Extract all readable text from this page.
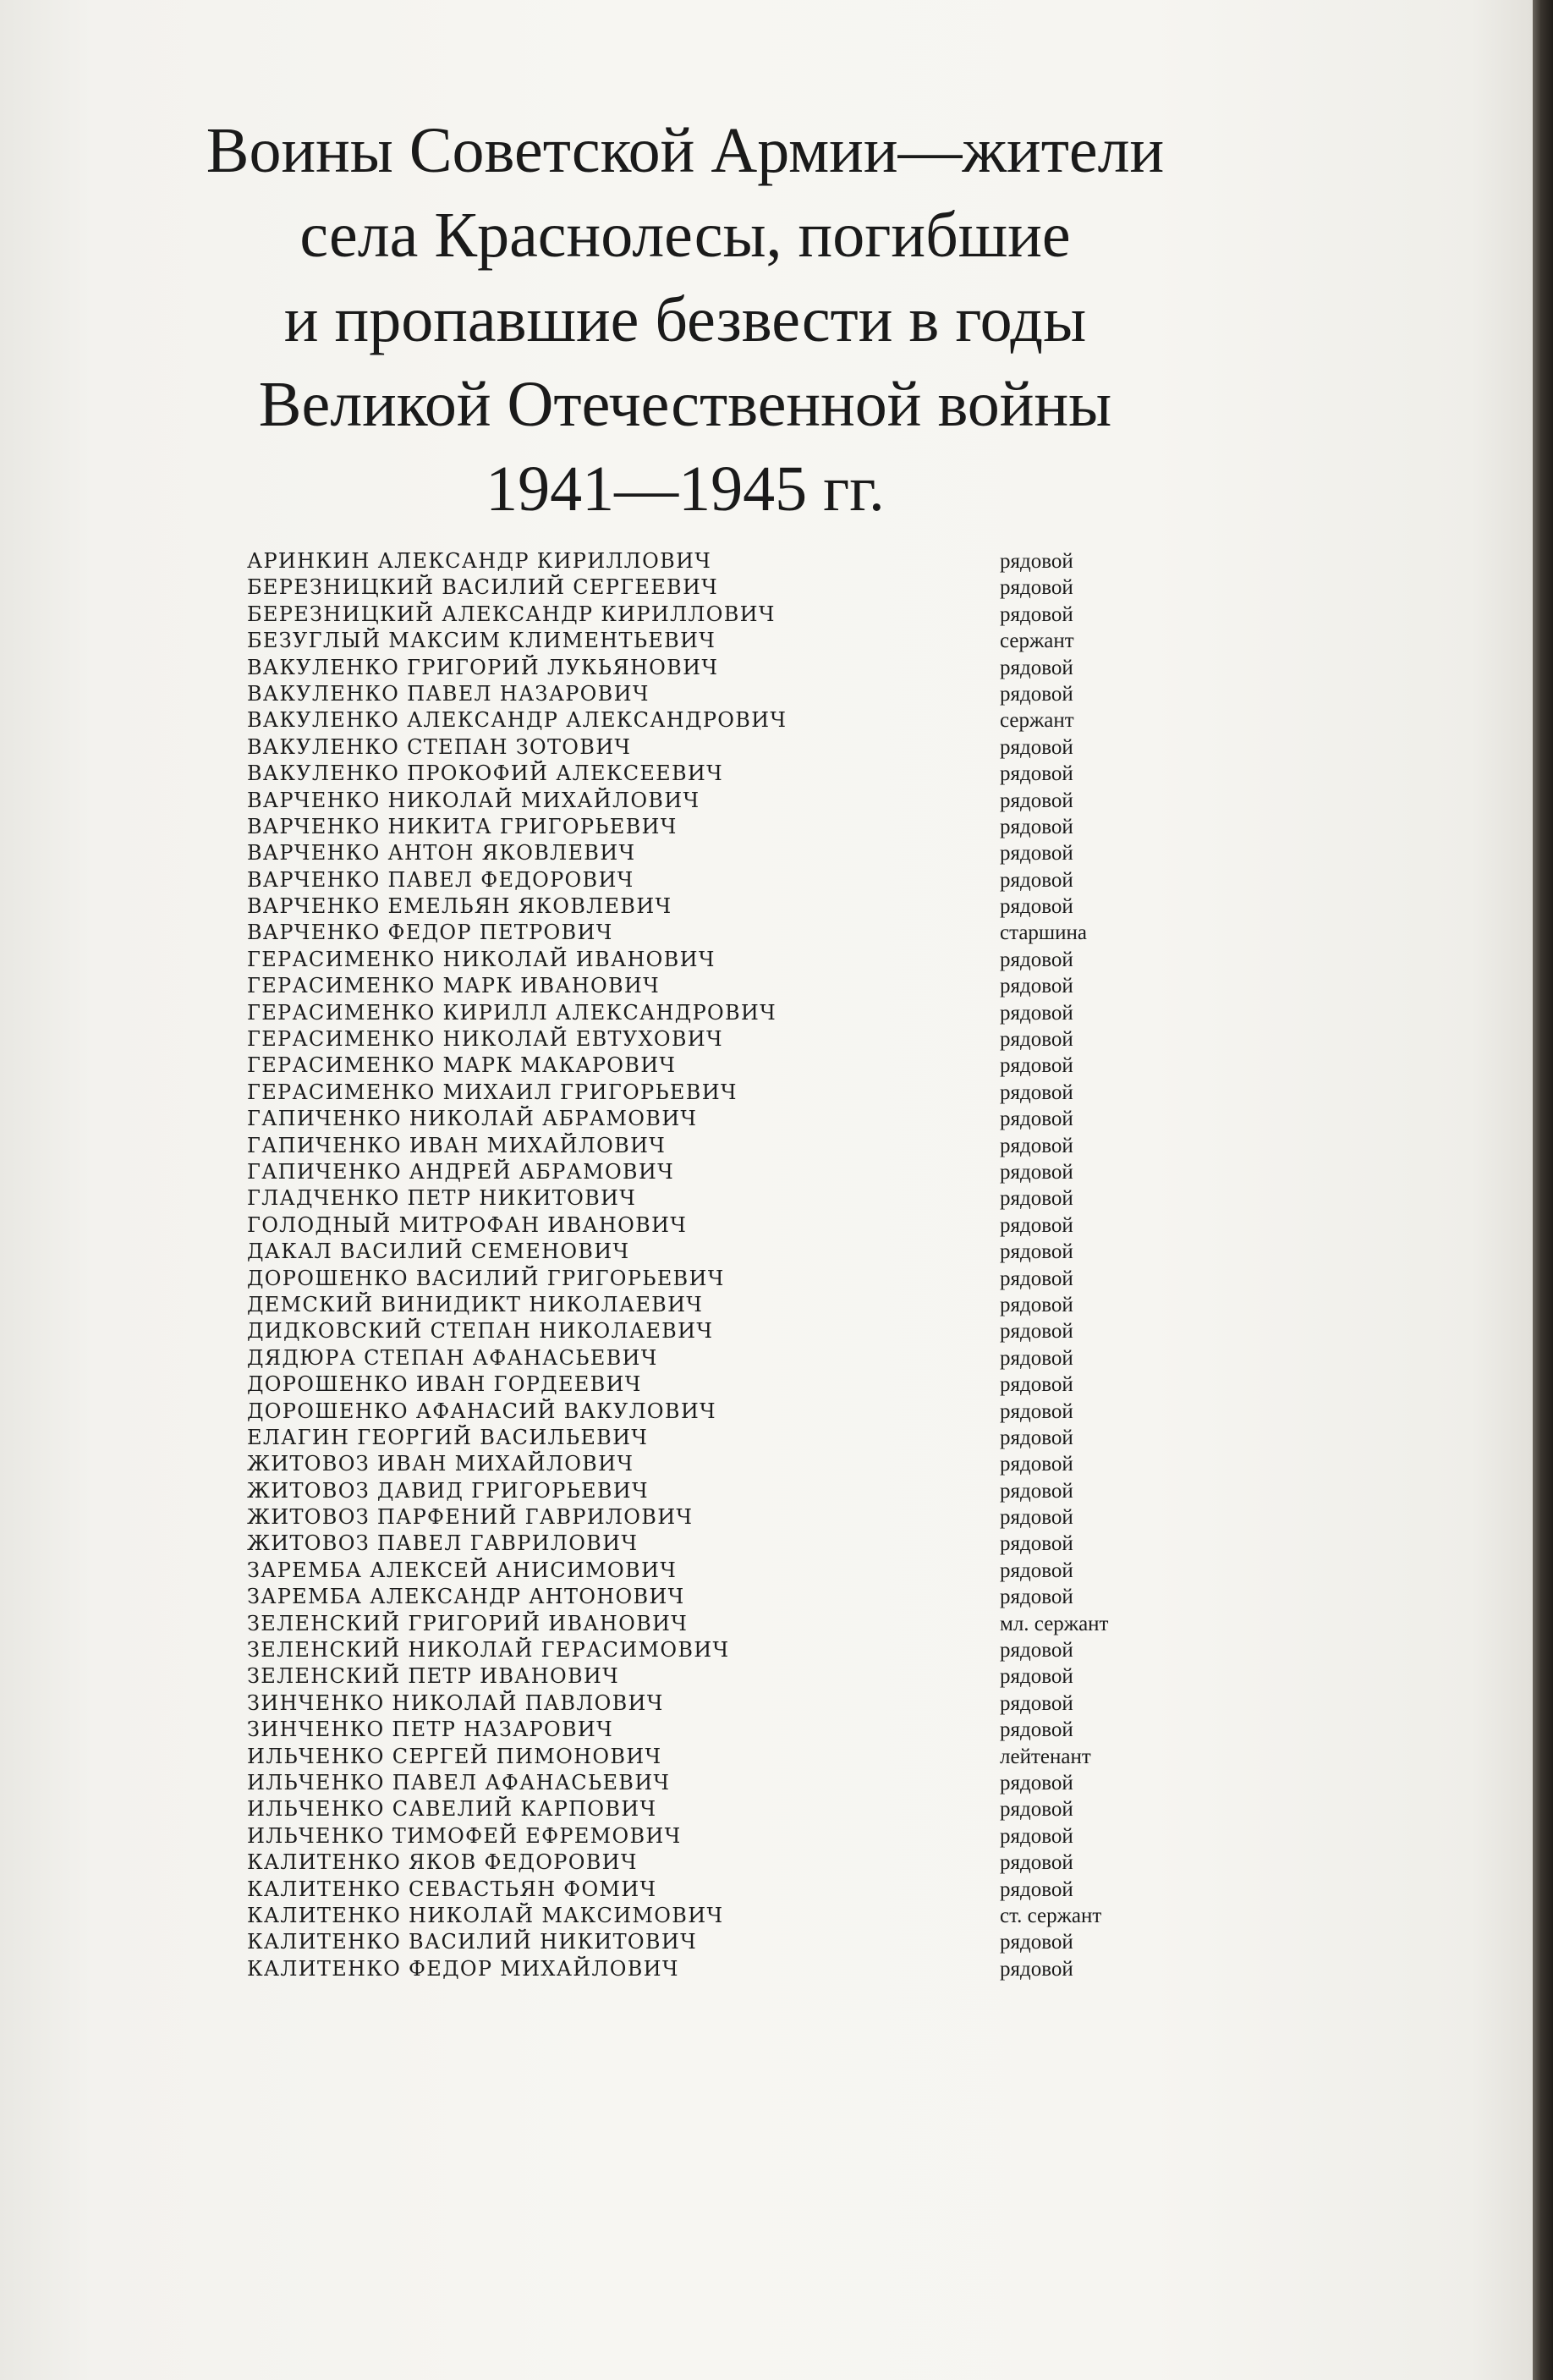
Воины Советской Армии—жители
села Краснолесы, погибшие
и пропавшие безвести в годы
Великой Отечественной войны
1941—1945 гг.
АРИНКИН АЛЕКСАНДР КИРИЛЛОВИЧ	рядовой
БЕРЕЗНИЦКИЙ ВАСИЛИЙ СЕРГЕЕВИЧ	рядовой
БЕРЕЗНИЦКИЙ АЛЕКСАНДР КИРИЛЛОВИЧ	рядовой
БЕЗУГЛЫЙ МАКСИМ КЛИМЕНТЬЕВИЧ	сержант
ВАКУЛЕНКО ГРИГОРИЙ ЛУКЬЯНОВИЧ	рядовой
ВАКУЛЕНКО ПАВЕЛ НАЗАРОВИЧ	рядовой
ВАКУЛЕНКО АЛЕКСАНДР АЛЕКСАНДРОВИЧ	сержант
ВАКУЛЕНКО СТЕПАН ЗОТОВИЧ	рядовой
ВАКУЛЕНКО ПРОКОФИЙ АЛЕКСЕЕВИЧ	рядовой
ВАРЧЕНКО НИКОЛАЙ МИХАЙЛОВИЧ	рядовой
ВАРЧЕНКО НИКИТА ГРИГОРЬЕВИЧ	рядовой
ВАРЧЕНКО АНТОН ЯКОВЛЕВИЧ	рядовой
ВАРЧЕНКО ПАВЕЛ ФЕДОРОВИЧ	рядовой
ВАРЧЕНКО ЕМЕЛЬЯН ЯКОВЛЕВИЧ	рядовой
ВАРЧЕНКО ФЕДОР ПЕТРОВИЧ	старшина
ГЕРАСИМЕНКО НИКОЛАЙ ИВАНОВИЧ	рядовой
ГЕРАСИМЕНКО МАРК ИВАНОВИЧ	рядовой
ГЕРАСИМЕНКО КИРИЛЛ АЛЕКСАНДРОВИЧ	рядовой
ГЕРАСИМЕНКО НИКОЛАЙ ЕВТУХОВИЧ	рядовой
ГЕРАСИМЕНКО МАРК МАКАРОВИЧ	рядовой
ГЕРАСИМЕНКО МИХАИЛ ГРИГОРЬЕВИЧ	рядовой
ГАПИЧЕНКО НИКОЛАЙ АБРАМОВИЧ	рядовой
ГАПИЧЕНКО ИВАН МИХАЙЛОВИЧ	рядовой
ГАПИЧЕНКО АНДРЕЙ АБРАМОВИЧ	рядовой
ГЛАДЧЕНКО ПЕТР НИКИТОВИЧ	рядовой
ГОЛОДНЫЙ МИТРОФАН ИВАНОВИЧ	рядовой
ДАКАЛ ВАСИЛИЙ СЕМЕНОВИЧ	рядовой
ДОРОШЕНКО ВАСИЛИЙ ГРИГОРЬЕВИЧ	рядовой
ДЕМСКИЙ ВИНИДИКТ НИКОЛАЕВИЧ	рядовой
ДИДКОВСКИЙ СТЕПАН НИКОЛАЕВИЧ	рядовой
ДЯДЮРА СТЕПАН АФАНАСЬЕВИЧ	рядовой
ДОРОШЕНКО ИВАН ГОРДЕЕВИЧ	рядовой
ДОРОШЕНКО АФАНАСИЙ ВАКУЛОВИЧ	рядовой
ЕЛАГИН ГЕОРГИЙ ВАСИЛЬЕВИЧ	рядовой
ЖИТОВОЗ ИВАН МИХАЙЛОВИЧ	рядовой
ЖИТОВОЗ ДАВИД ГРИГОРЬЕВИЧ	рядовой
ЖИТОВОЗ ПАРФЕНИЙ ГАВРИЛОВИЧ	рядовой
ЖИТОВОЗ ПАВЕЛ ГАВРИЛОВИЧ	рядовой
ЗАРЕМБА АЛЕКСЕЙ АНИСИМОВИЧ	рядовой
ЗАРЕМБА АЛЕКСАНДР АНТОНОВИЧ	рядовой
ЗЕЛЕНСКИЙ ГРИГОРИЙ ИВАНОВИЧ	мл. сержант
ЗЕЛЕНСКИЙ НИКОЛАЙ ГЕРАСИМОВИЧ	рядовой
ЗЕЛЕНСКИЙ ПЕТР ИВАНОВИЧ	рядовой
ЗИНЧЕНКО НИКОЛАЙ ПАВЛОВИЧ	рядовой
ЗИНЧЕНКО ПЕТР НАЗАРОВИЧ	рядовой
ИЛЬЧЕНКО СЕРГЕЙ ПИМОНОВИЧ	лейтенант
ИЛЬЧЕНКО ПАВЕЛ АФАНАСЬЕВИЧ	рядовой
ИЛЬЧЕНКО САВЕЛИЙ КАРПОВИЧ	рядовой
ИЛЬЧЕНКО ТИМОФЕЙ ЕФРЕМОВИЧ	рядовой
КАЛИТЕНКО ЯКОВ ФЕДОРОВИЧ	рядовой
КАЛИТЕНКО СЕВАСТЬЯН ФОМИЧ	рядовой
КАЛИТЕНКО НИКОЛАЙ МАКСИМОВИЧ	ст. сержант
КАЛИТЕНКО ВАСИЛИЙ НИКИТОВИЧ	рядовой
КАЛИТЕНКО ФЕДОР МИХАЙЛОВИЧ	рядовой
